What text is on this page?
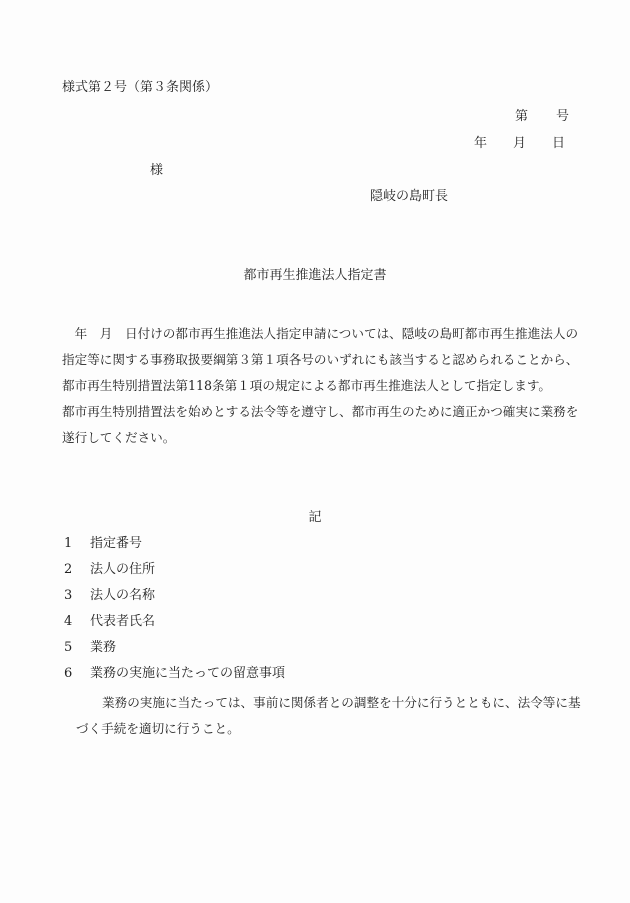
様式第２号（第３条関係）
第 号
年 月 日
様
隠岐の島町長
都市再生推進法人指定書

　年　月　日付けの都市再生推進法人指定申請については、隠岐の島町都市再生推進法人の指定等に関する事務取扱要綱第３第１項各号のいずれにも該当すると認められることから、都市再生特別措置法第118条第１項の規定による都市再生推進法人として指定します。

都市再生特別措置法を始めとする法令等を遵守し、都市再生のために適正かつ確実に業務を遂行してください。

記
1 指定番号
2 法人の住所
3 法人の名称
4 代表者氏名
5 業務
6 業務の実施に当たっての留意事項

業務の実施に当たっては、事前に関係者との調整を十分に行うとともに、法令等に基づく手続を適切に行うこと。
